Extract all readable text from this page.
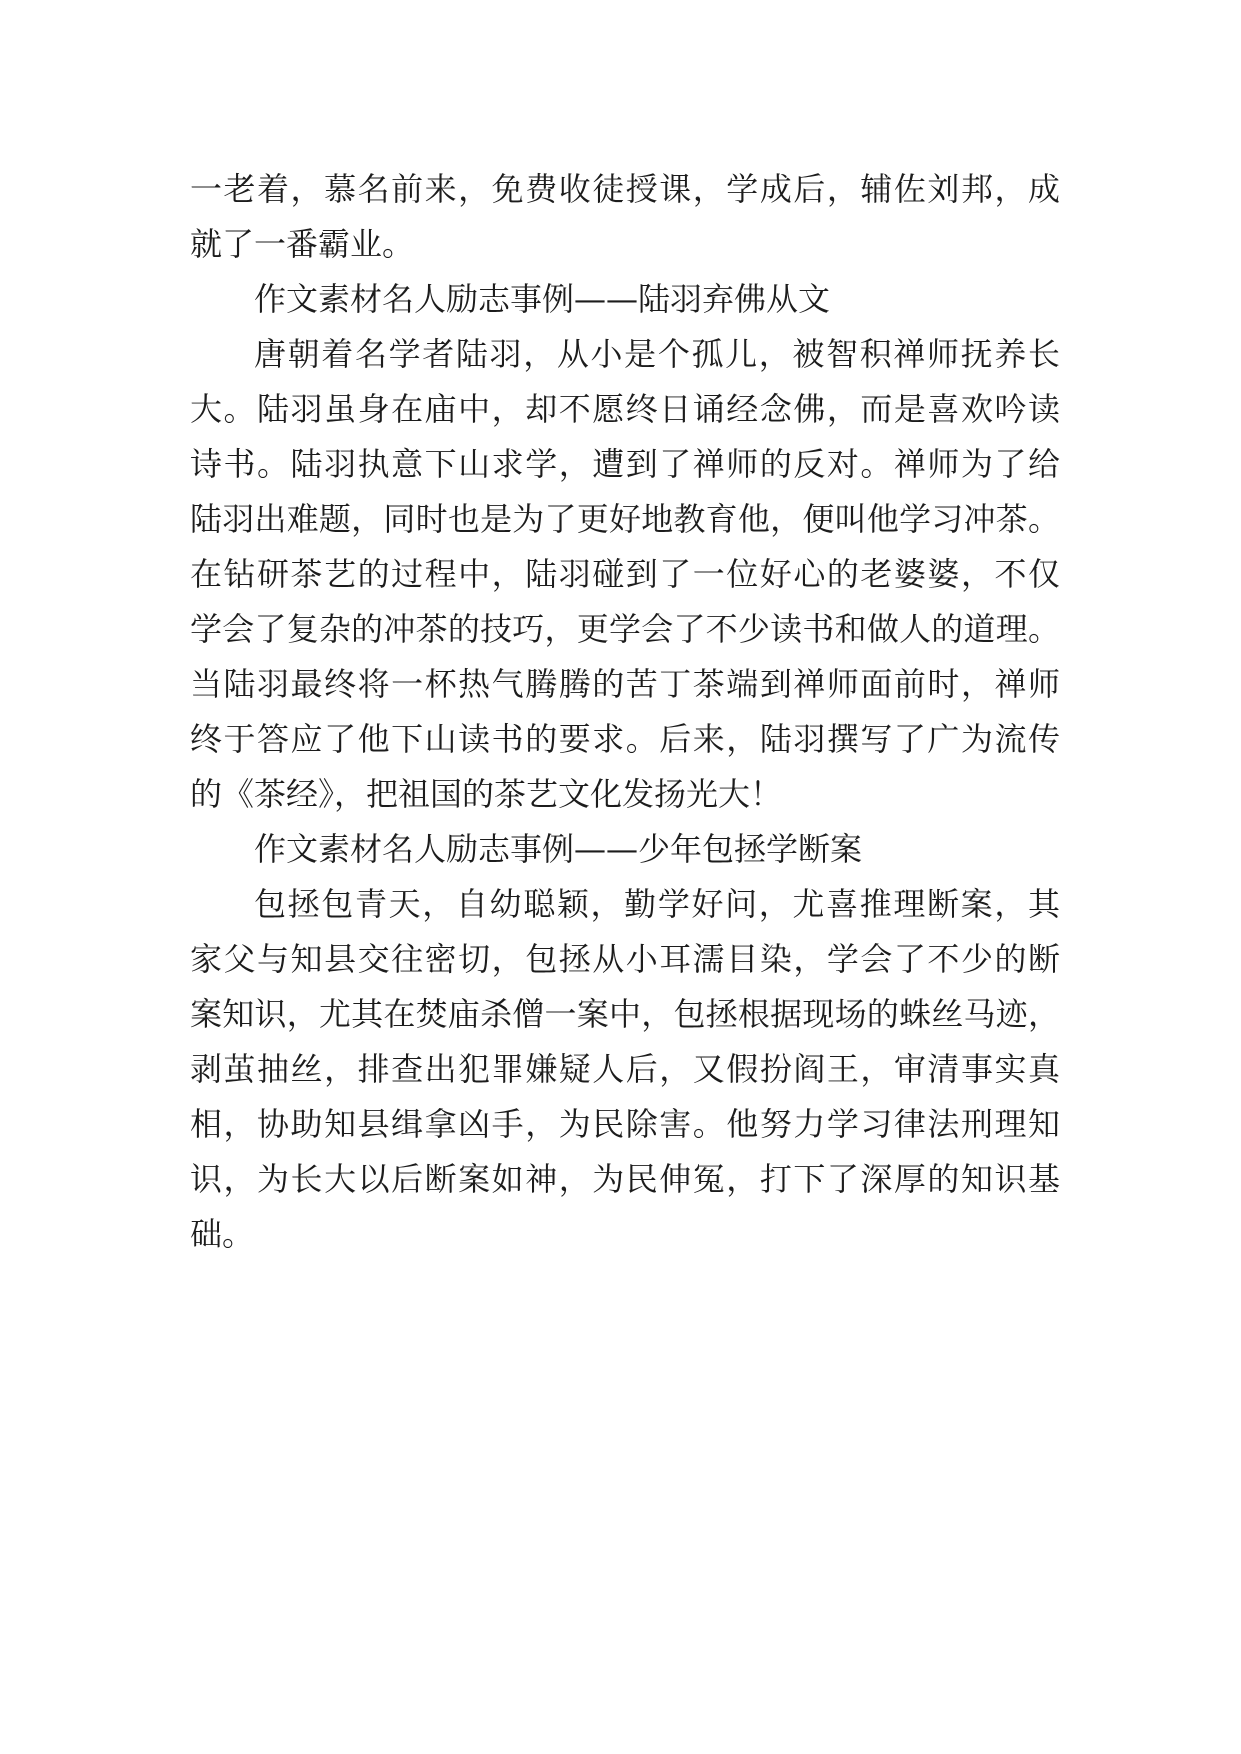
一老着，慕名前来，免费收徒授课，学成后，辅佐刘邦，成
就了一番霸业。
作文素材名人励志事例——陆羽弃佛从文
唐朝着名学者陆羽，从小是个孤儿，被智积禅师抚养长
大。陆羽虽身在庙中，却不愿终日诵经念佛，而是喜欢吟读
诗书。陆羽执意下山求学，遭到了禅师的反对。禅师为了给
陆羽出难题，同时也是为了更好地教育他，便叫他学习冲茶。
在钻研茶艺的过程中，陆羽碰到了一位好心的老婆婆，不仅
学会了复杂的冲茶的技巧，更学会了不少读书和做人的道理。
当陆羽最终将一杯热气腾腾的苦丁茶端到禅师面前时，禅师
终于答应了他下山读书的要求。后来，陆羽撰写了广为流传
的《茶经》，把祖国的茶艺文化发扬光大！
作文素材名人励志事例——少年包拯学断案
包拯包青天，自幼聪颖，勤学好问，尤喜推理断案，其
家父与知县交往密切，包拯从小耳濡目染，学会了不少的断
案知识，尤其在焚庙杀僧一案中，包拯根据现场的蛛丝马迹，
剥茧抽丝，排查出犯罪嫌疑人后，又假扮阎王，审清事实真
相，协助知县缉拿凶手，为民除害。他努力学习律法刑理知
识，为长大以后断案如神，为民伸冤，打下了深厚的知识基
础。
